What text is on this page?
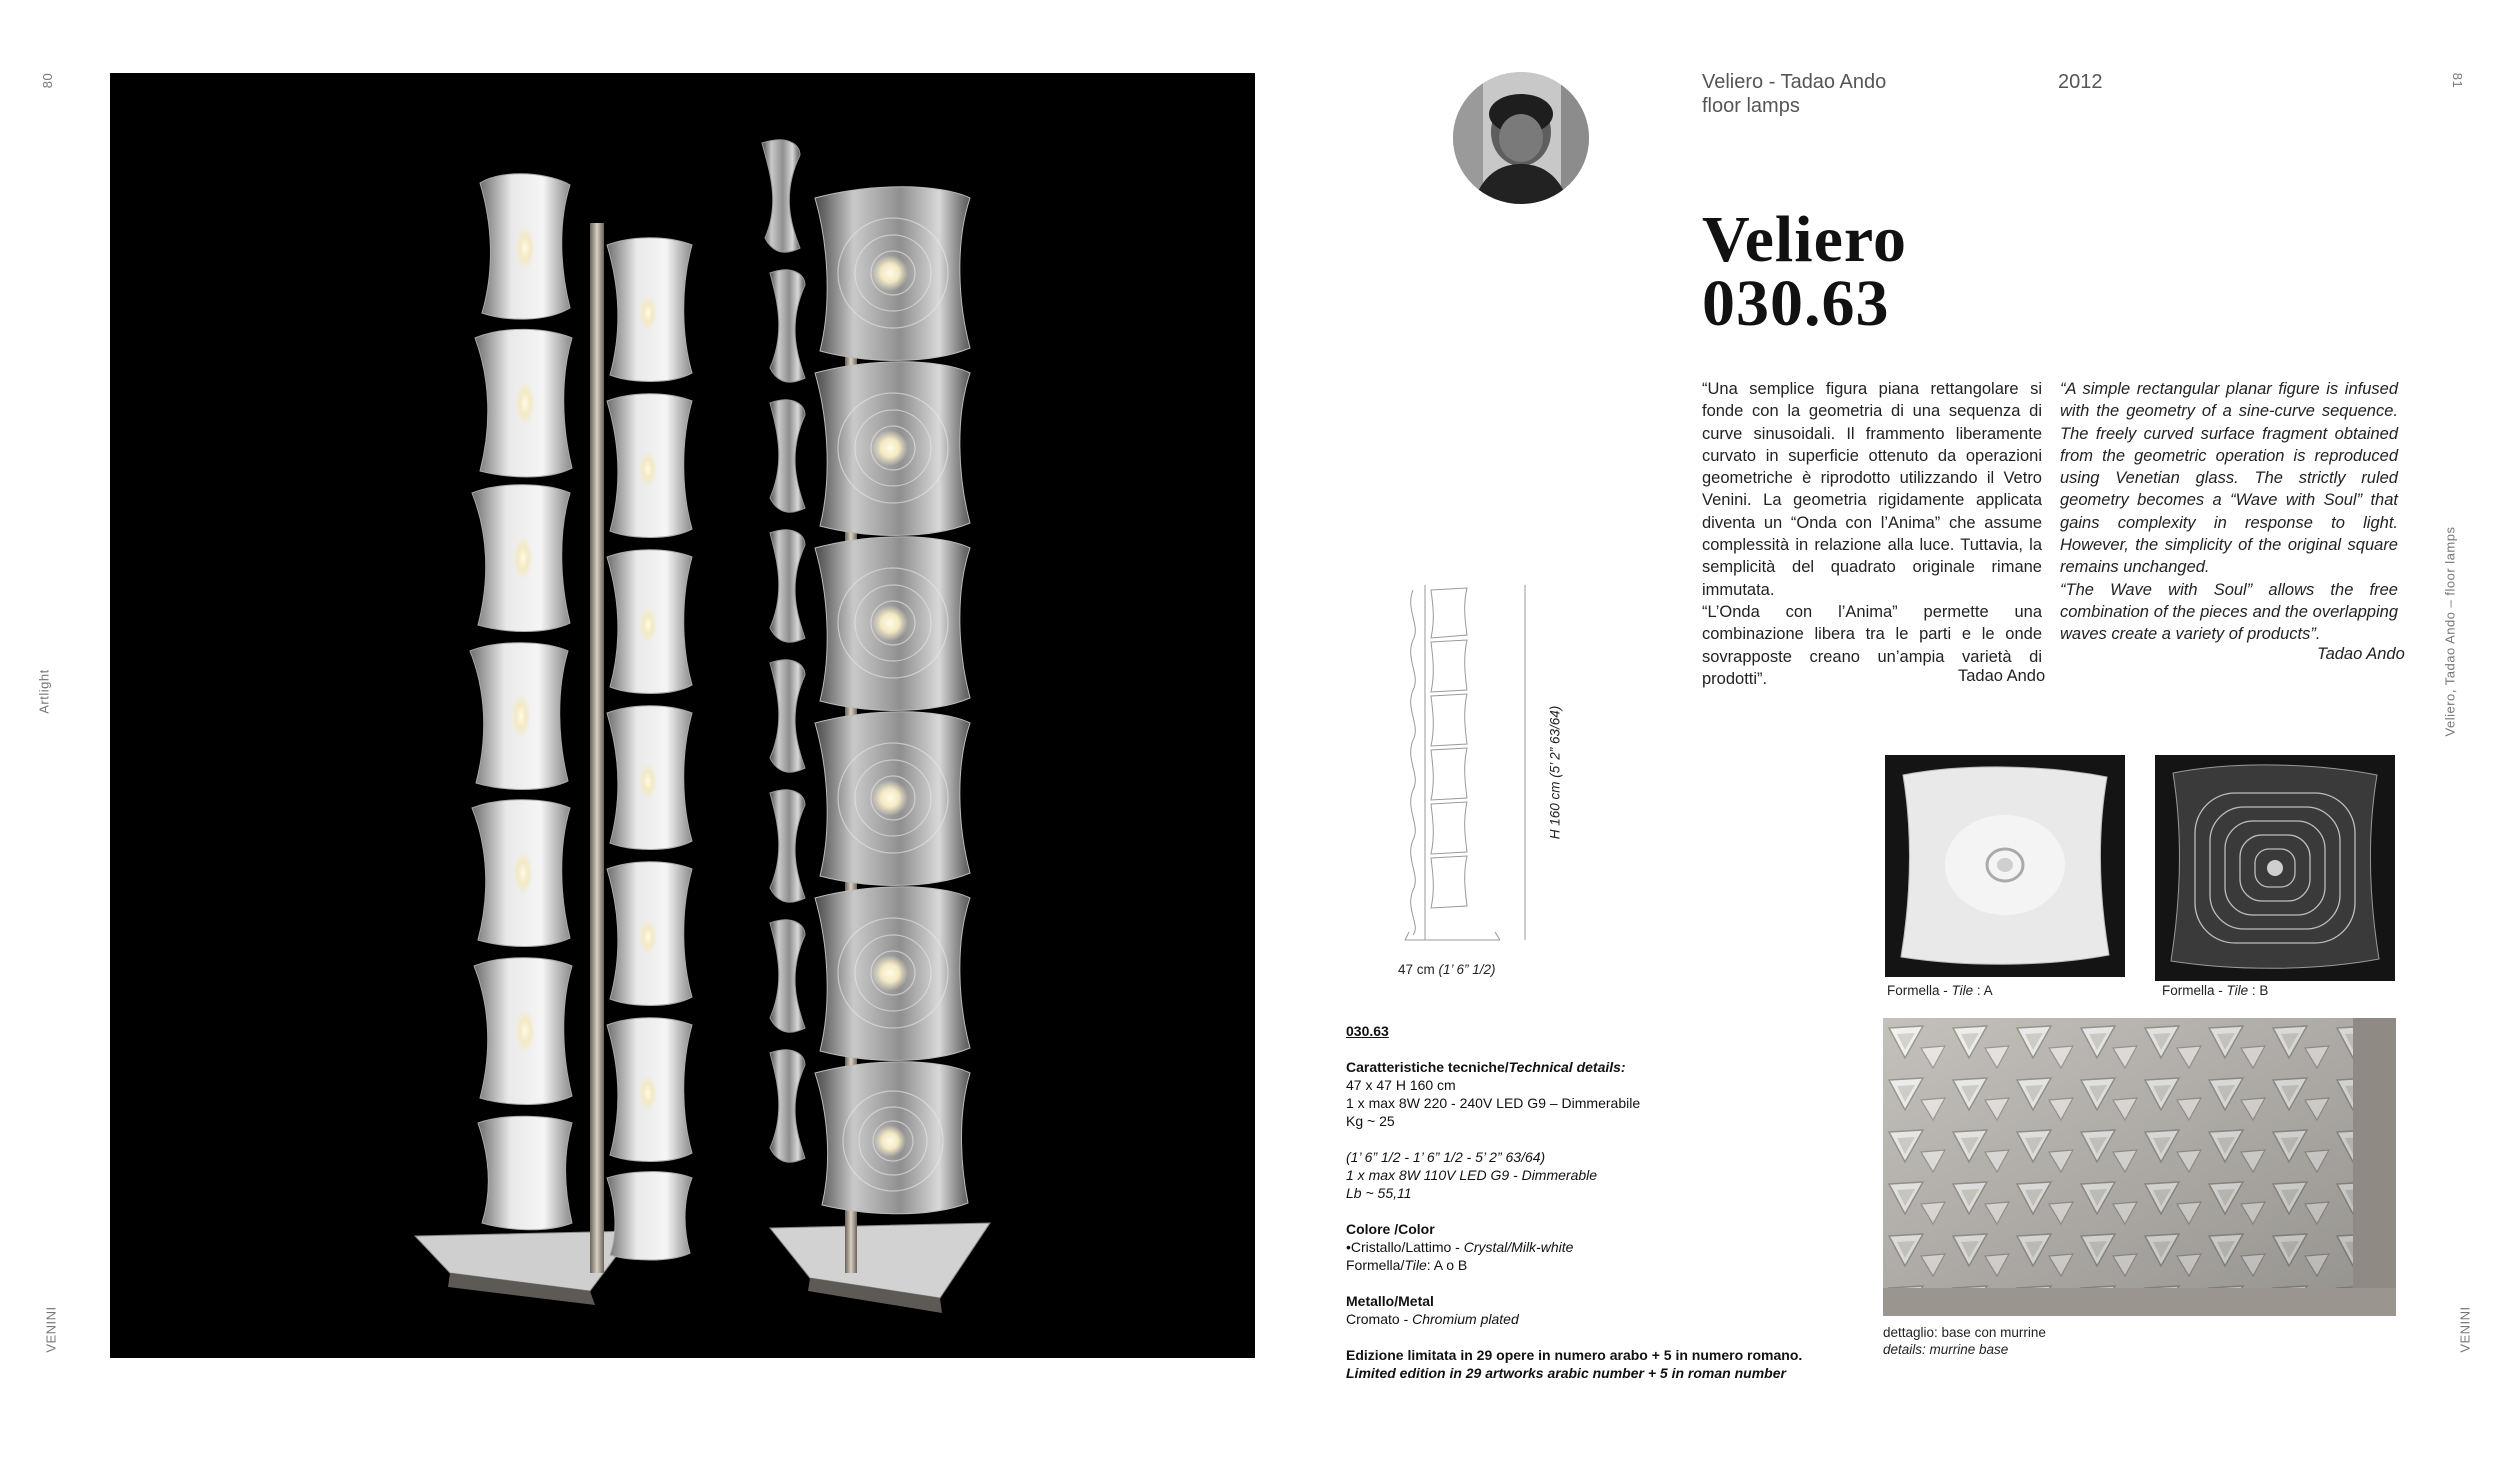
80
Artlight
VENINI
81
Veliero, Tadao Ando – floor lamps
VENINI
Veliero - Tadao Ando
floor lamps
2012
Veliero
030.63

“Una semplice figura piana rettangolare si fonde con la geometria di una sequenza di curve sinusoidali. Il frammento liberamente curvato in superficie ottenuto da operazioni geometriche è riprodotto utilizzando il Vetro Venini. La geometria rigidamente applicata diventa un “Onda con l’Anima” che assume complessità in relazione alla luce. Tuttavia, la semplicità del quadrato originale rimane immutata.

“L’Onda con l’Anima” permette una combinazione libera tra le parti e le onde sovrapposte creano un’ampia varietà di prodotti”.	Tadao Ando

“A simple rectangular planar figure is infused with the geometry of a sine-curve sequence. The freely curved surface fragment obtained from the geometric operation is reproduced using Venetian glass. The strictly ruled geometry becomes a “Wave with Soul” that gains complexity in response to light. However, the simplicity of the original square remains unchanged.

“The Wave with Soul” allows the free combination of the pieces and the overlapping waves create a variety of products”.

Tadao Ando
H 160 cm (5’ 2” 63/64)
47 cm (1’ 6” 1/2)

030.63

Caratteristiche tecniche/Technical details:

47 x 47 H 160 cm

1 x max 8W 220 - 240V LED G9 – Dimmerabile

Kg ~ 25

(1’ 6” 1/2 - 1’ 6” 1/2 - 5’ 2” 63/64)

1 x max 8W 110V LED G9 - Dimmerable

Lb ~ 55,11

Colore /Color

•Cristallo/Lattimo - Crystal/Milk-white

Formella/Tile: A o B

Metallo/Metal

Cromato - Chromium plated

Edizione limitata in 29 opere in numero arabo + 5 in numero romano.

Limited edition in 29 artworks arabic number + 5 in roman number

Formella - Tile : A	Formella - Tile : B
dettaglio: base con murrine
details: murrine base
